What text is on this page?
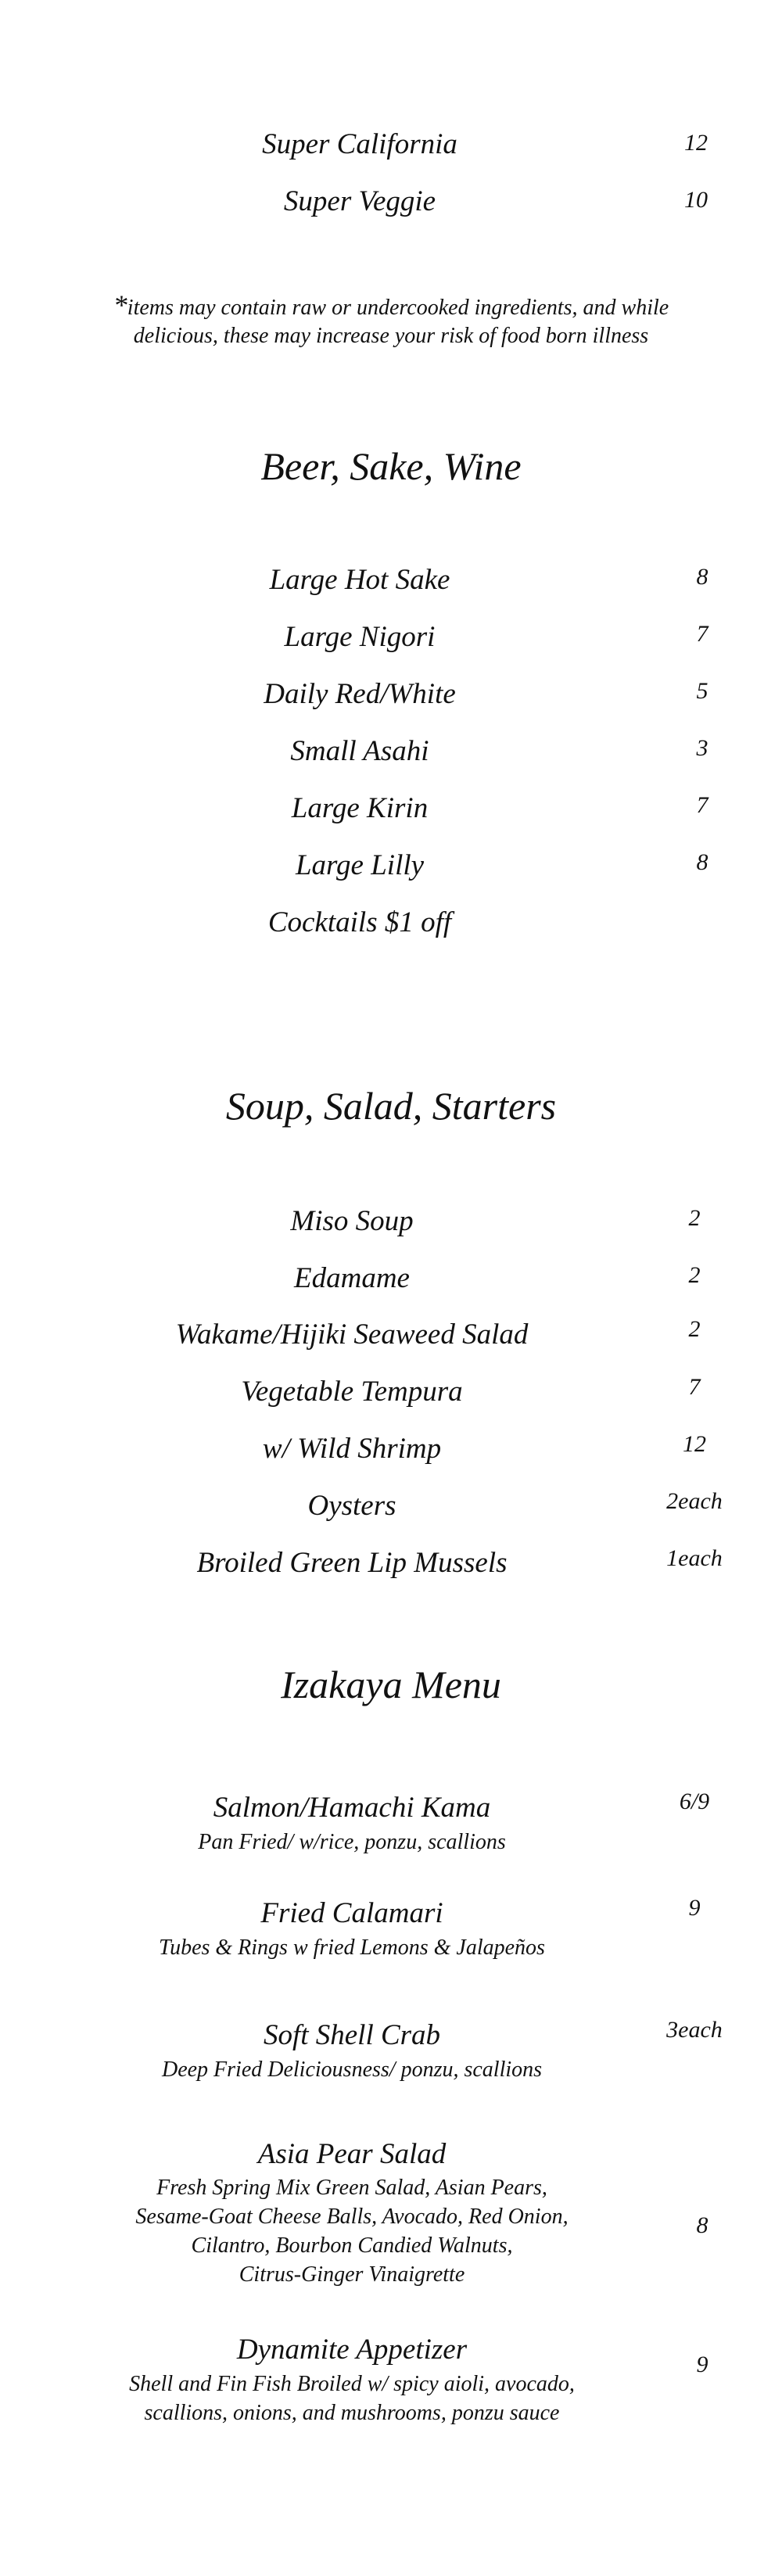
Super California	12
Super Veggie	10
*items may contain raw or undercooked ingredients, and while
delicious, these may increase your risk of food born illness
Beer, Sake, Wine
Large Hot Sake	8
Large Nigori	7
Daily Red/White	5
Small Asahi	3
Large Kirin	7
Large Lilly	8
Cocktails $1 off
Soup, Salad, Starters
Miso Soup	2
Edamame	2
Wakame/Hijiki Seaweed Salad	2
Vegetable Tempura	7
w/ Wild Shrimp	12
Oysters	2each
Broiled Green Lip Mussels	1each
Izakaya Menu
Salmon/Hamachi Kama	6/9
Pan Fried/ w/rice, ponzu, scallions
Fried Calamari	9
Tubes & Rings w fried Lemons & Jalapeños
Soft Shell Crab	3each
Deep Fried Deliciousness/ ponzu, scallions
Asia Pear Salad
Fresh Spring Mix Green Salad, Asian Pears,
Sesame-Goat Cheese Balls, Avocado, Red Onion,	8
Cilantro, Bourbon Candied Walnuts,
Citrus-Ginger Vinaigrette
Dynamite Appetizer	9
Shell and Fin Fish Broiled w/ spicy aioli, avocado,
scallions, onions, and mushrooms, ponzu sauce
